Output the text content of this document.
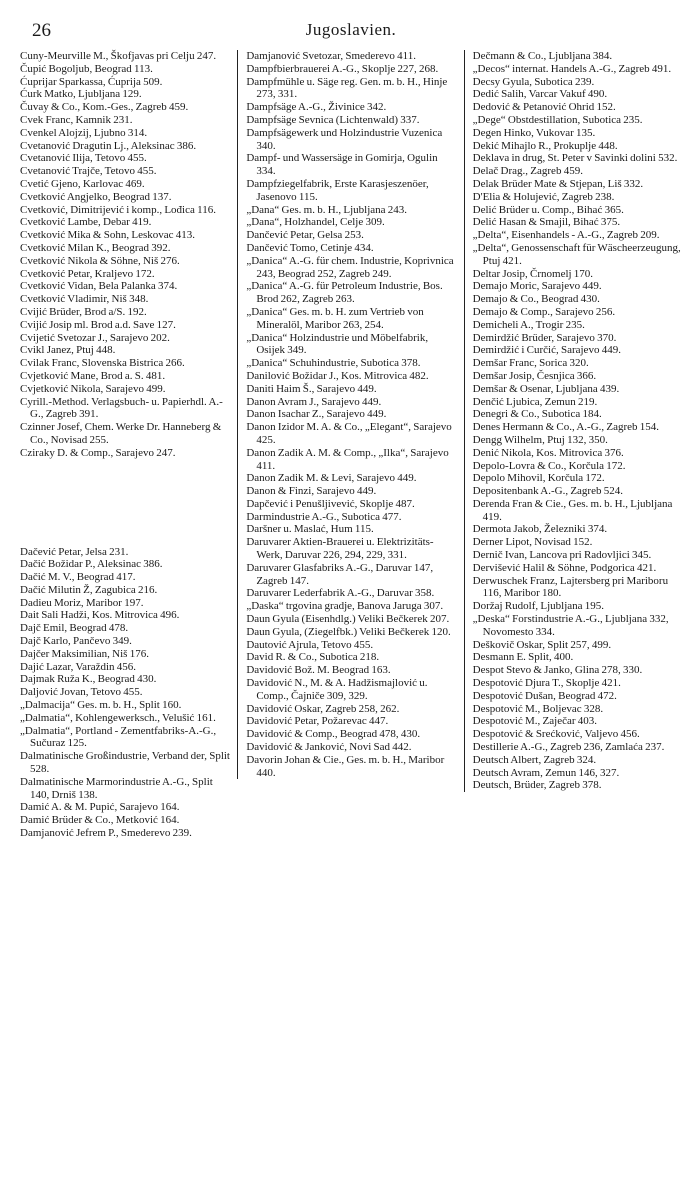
26	Jugoslavien.

Cuny-Meurville M., Škofjavas pri Celju 247.

Čupić Bogoljub, Beograd 113.

Ćuprijar Sparkassa, Ćuprija 509.

Ćurk Matko, Ljubljana 129.

Čuvay & Co., Kom.-Ges., Zagreb 459.

Cvek Franc, Kamnik 231.

Cvenkel Alojzij, Ljubno 314.

Cvetanović Dragutin Lj., Aleksinac 386.

Cvetanović Ilija, Tetovo 455.

Cvetanović Trajče, Tetovo 455.

Cvetić Gjeno, Karlovac 469.

Cvetković Angjelko, Beograd 137.

Cvetković, Dimitrijević i komp., Lođica 116.

Cvetković Lambe, Debar 419.

Cvetković Mika & Sohn, Leskovac 413.

Cvetković Milan K., Beograd 392.

Cvetković Nikola & Söhne, Niš 276.

Cvetković Petar, Kraljevo 172.

Cvetković Vidan, Bela Palanka 374.

Cvetković Vladimir, Niš 348.

Cvijić Brüder, Brod a/S. 192.

Cvijić Josip ml. Brod a.d. Save 127.

Cvijetić Svetozar J., Sarajevo 202.

Cvikl Janez, Ptuj 448.

Cvilak Franc, Slovenska Bistrica 266.

Cvjetković Mane, Brod a. S. 481.

Cvjetković Nikola, Sarajevo 499.

Cyrill.-Method. Verlagsbuch- u. Papierhdl. A.-G., Zagreb 391.

Czinner Josef, Chem. Werke Dr. Hanneberg & Co., Novisad 255.

Cziraky D. & Comp., Sarajevo 247.

Dačević Petar, Jelsa 231.

Dačić Božidar P., Aleksinac 386.

Dačić M. V., Beograd 417.

Dačić Milutin Ž, Zagubica 216.

Dadieu Moriz, Maribor 197.

Dait Sali Hadži, Kos. Mitrovica 496.

Dajč Emil, Beograd 478.

Dajč Karlo, Pančevo 349.

Dajčer Maksimilian, Niš 176.

Dajić Lazar, Varaždin 456.

Dajmak Ruža K., Beograd 430.

Daljović Jovan, Tetovo 455.

„Dalmacija“ Ges. m. b. H., Split 160.

„Dalmatia“, Kohlengewerksch., Velušić 161.

„Dalmatia“, Portland - Zementfabriks-A.-G., Sučuraz 125.

Dalmatinische Großindustrie, Verband der, Split 528.

Dalmatinische Marmorindustrie A.-G., Split 140, Drniš 138.

Damić A. & M. Pupić, Sarajevo 164.

Damić Brüder & Co., Metković 164.

Damjanović Jefrem P., Smederevo 239.

Damjanović Svetozar, Smederevo 411.

Dampfbierbrauerei A.-G., Skoplje 227, 268.

Dampfmühle u. Säge reg. Gen. m. b. H., Hinje 273, 331.

Dampfsäge A.-G., Živinice 342.

Dampfsäge Sevnica (Lichtenwald) 337.

Dampfsägewerk und Holzindustrie Vuzenica 340.

Dampf- und Wassersäge in Gomirja, Ogulin 334.

Dampfziegelfabrik, Erste Karasjeszenöer, Jasenovo 115.

„Dana“ Ges. m. b. H., Ljubljana 243.

„Dana“, Holzhandel, Celje 309.

Dančević Petar, Gelsa 253.

Dančević Tomo, Cetinje 434.

„Danica“ A.-G. für chem. Industrie, Koprivnica 243, Beograd 252, Zagreb 249.

„Danica“ A.-G. für Petroleum Industrie, Bos. Brod 262, Zagreb 263.

„Danica“ Ges. m. b. H. zum Vertrieb von Mineralöl, Maribor 263, 254.

„Danica“ Holzindustrie und Möbelfabrik, Osijek 349.

„Danica“ Schuhindustrie, Subotica 378.

Danilović Božidar J., Kos. Mitrovica 482.

Daniti Haim Š., Sarajevo 449.

Danon Avram J., Sarajevo 449.

Danon Isachar Z., Sarajevo 449.

Danon Izidor M. A. & Co., „Elegant“, Sarajevo 425.

Danon Zadik A. M. & Comp., „Ilka“, Sarajevo 411.

Danon Zadik M. & Levi, Sarajevo 449.

Danon & Finzi, Sarajevo 449.

Dapčević i Penušljivević, Skoplje 487.

Darmindustrie A.-G., Subotica 477.

Daršner u. Maslać, Hum 115.

Daruvarer Aktien-Brauerei u. Elektrizitäts-Werk, Daruvar 226, 294, 229, 331.

Daruvarer Glasfabriks A.-G., Daruvar 147, Zagreb 147.

Daruvarer Lederfabrik A.-G., Daruvar 358.

„Daska“ trgovina gradje, Banova Jaruga 307.

Daun Gyula (Eisenhdlg.) Veliki Bečkerek 207.

Daun Gyula, (Ziegelfbk.) Veliki Bečkerek 120.

Dautović Ajrula, Tetovo 455.

David R. & Co., Subotica 218.

Davidović Bož. M. Beograd 163.

Davidović N., M. & A. Hadžismajlović u. Comp., Čajniče 309, 329.

Davidović Oskar, Zagreb 258, 262.

Davidović Petar, Požarevac 447.

Davidović & Comp., Beograd 478, 430.

Davidović & Janković, Novi Sad 442.

Davorin Johan & Cie., Ges. m. b. H., Maribor 440.

Dečmann & Co., Ljubljana 384.

„Decos“ internat. Handels A.-G., Zagreb 491.

Decsy Gyula, Subotica 239.

Dedić Salih, Varcar Vakuf 490.

Dedović & Petanović Ohrid 152.

„Dege“ Obstdestillation, Subotica 235.

Degen Hinko, Vukovar 135.

Dekić Mihajlo R., Prokuplje 448.

Deklava in drug, St. Peter v Savinki dolini 532.

Delač Drag., Zagreb 459.

Delak Brüder Mate & Stjepan, Liš 332.

D'Elia & Holujević, Zagreb 238.

Delić Brüder u. Comp., Bihać 365.

Delić Hasan & Smajil, Bihać 375.

„Delta“, Eisenhandels - A.-G., Zagreb 209.

„Delta“, Genossenschaft für Wäscheerzeugung, Ptuj 421.

Deltar Josip, Črnomelj 170.

Demajo Moric, Sarajevo 449.

Demajo & Co., Beograd 430.

Demajo & Comp., Sarajevo 256.

Demicheli A., Trogir 235.

Demirdžić Brüder, Sarajevo 370.

Demirdžić i Curčić, Sarajevo 449.

Demšar Franc, Sorica 320.

Demšar Josip, Česnjica 366.

Demšar & Osenar, Ljubljana 439.

Denčić Ljubica, Zemun 219.

Denegri & Co., Subotica 184.

Denes Hermann & Co., A.-G., Zagreb 154.

Dengg Wilhelm, Ptuj 132, 350.

Denić Nikola, Kos. Mitrovica 376.

Depolo-Lovra & Co., Korčula 172.

Depolo Mihovil, Korčula 172.

Depositenbank A.-G., Zagreb 524.

Derenda Fran & Cie., Ges. m. b. H., Ljubljana 419.

Dermota Jakob, Železniki 374.

Derner Lipot, Novisad 152.

Dernič Ivan, Lancova pri Radovljici 345.

Dervišević Halil & Söhne, Podgorica 421.

Derwuschek Franz, Lajtersberg pri Mariboru 116, Maribor 180.

Doržaj Rudolf, Ljubljana 195.

„Deska“ Forstindustrie A.-G., Ljubljana 332, Novomesto 334.

Deškovič Oskar, Split 257, 499.

Desmann E. Split, 400.

Despot Stevo & Janko, Glina 278, 330.

Despotović Djura T., Skoplje 421.

Despotović Dušan, Beograd 472.

Despotović M., Boljevac 328.

Despotović M., Zaječar 403.

Despotović & Srećković, Valjevo 456.

Destillerie A.-G., Zagreb 236, Zamlaća 237.

Deutsch Albert, Zagreb 324.

Deutsch Avram, Zemun 146, 327.

Deutsch, Brüder, Zagreb 378.
